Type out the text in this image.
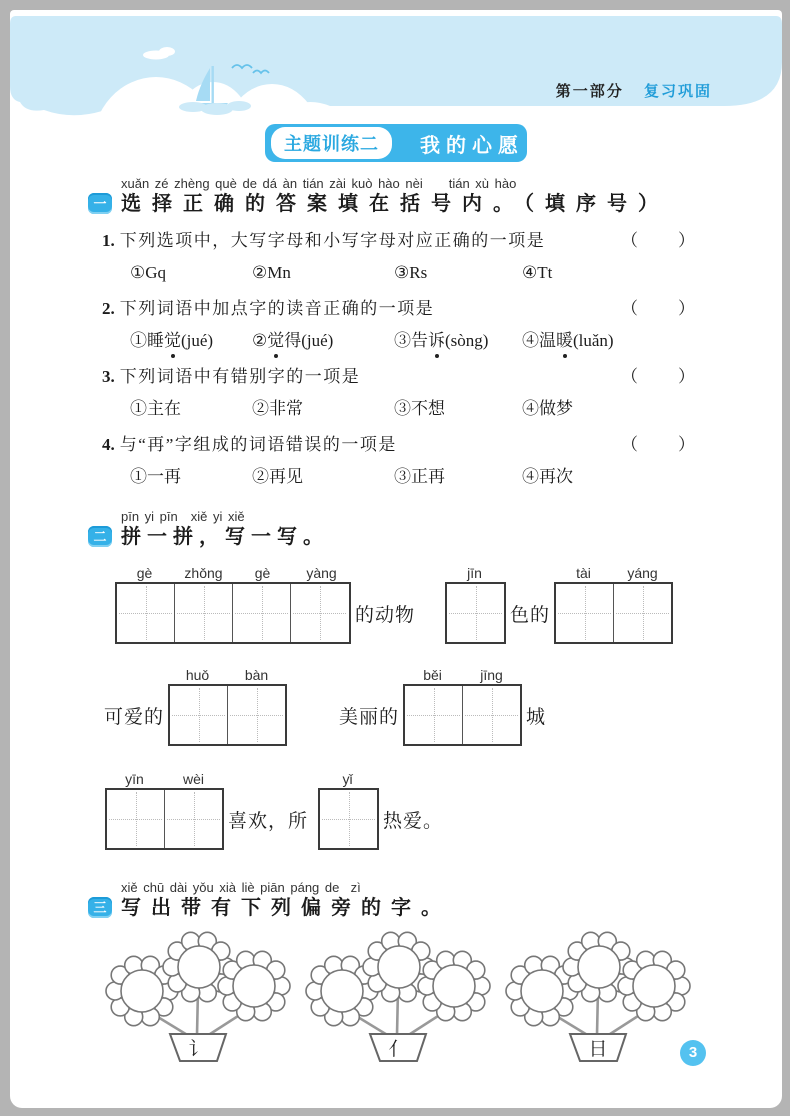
第一部分 复习巩固
主题训练二	我的心愿
一
xuǎn zé zhèng què de dá àn tián zài kuò hào nèi　　tián xù hào
选择正确的答案填在括号内。（填序号）
1. 下列选项中，大写字母和小写字母对应正确的一项是	（　　）
①Gq	②Mn	③Rs	④Tt
2. 下列词语中加点字的读音正确的一项是	（　　）
①睡觉(jué)	②觉得(jué)	③告诉(sòng)	④温暖(luǎn)
3. 下列词语中有错别字的一项是	（　　）
①主在	②非常	③不想	④做梦
4. 与“再”字组成的词语错误的一项是	（　　）
①一再	②再见	③正再	④再次
二
pīn yi pīn　xiě yi xiě
拼一拼，写一写。
gè	zhǒng	gè	yàng
的动物
jīn
色的
tài	yáng
可爱的
huǒ	bàn
美丽的
běi	jīng
城
yīn	wèi
喜欢，所
yǐ
热爱。
三
xiě chū dài yǒu xià liè piān páng de  zì
写出带有下列偏旁的字。
讠	亻	日	3
